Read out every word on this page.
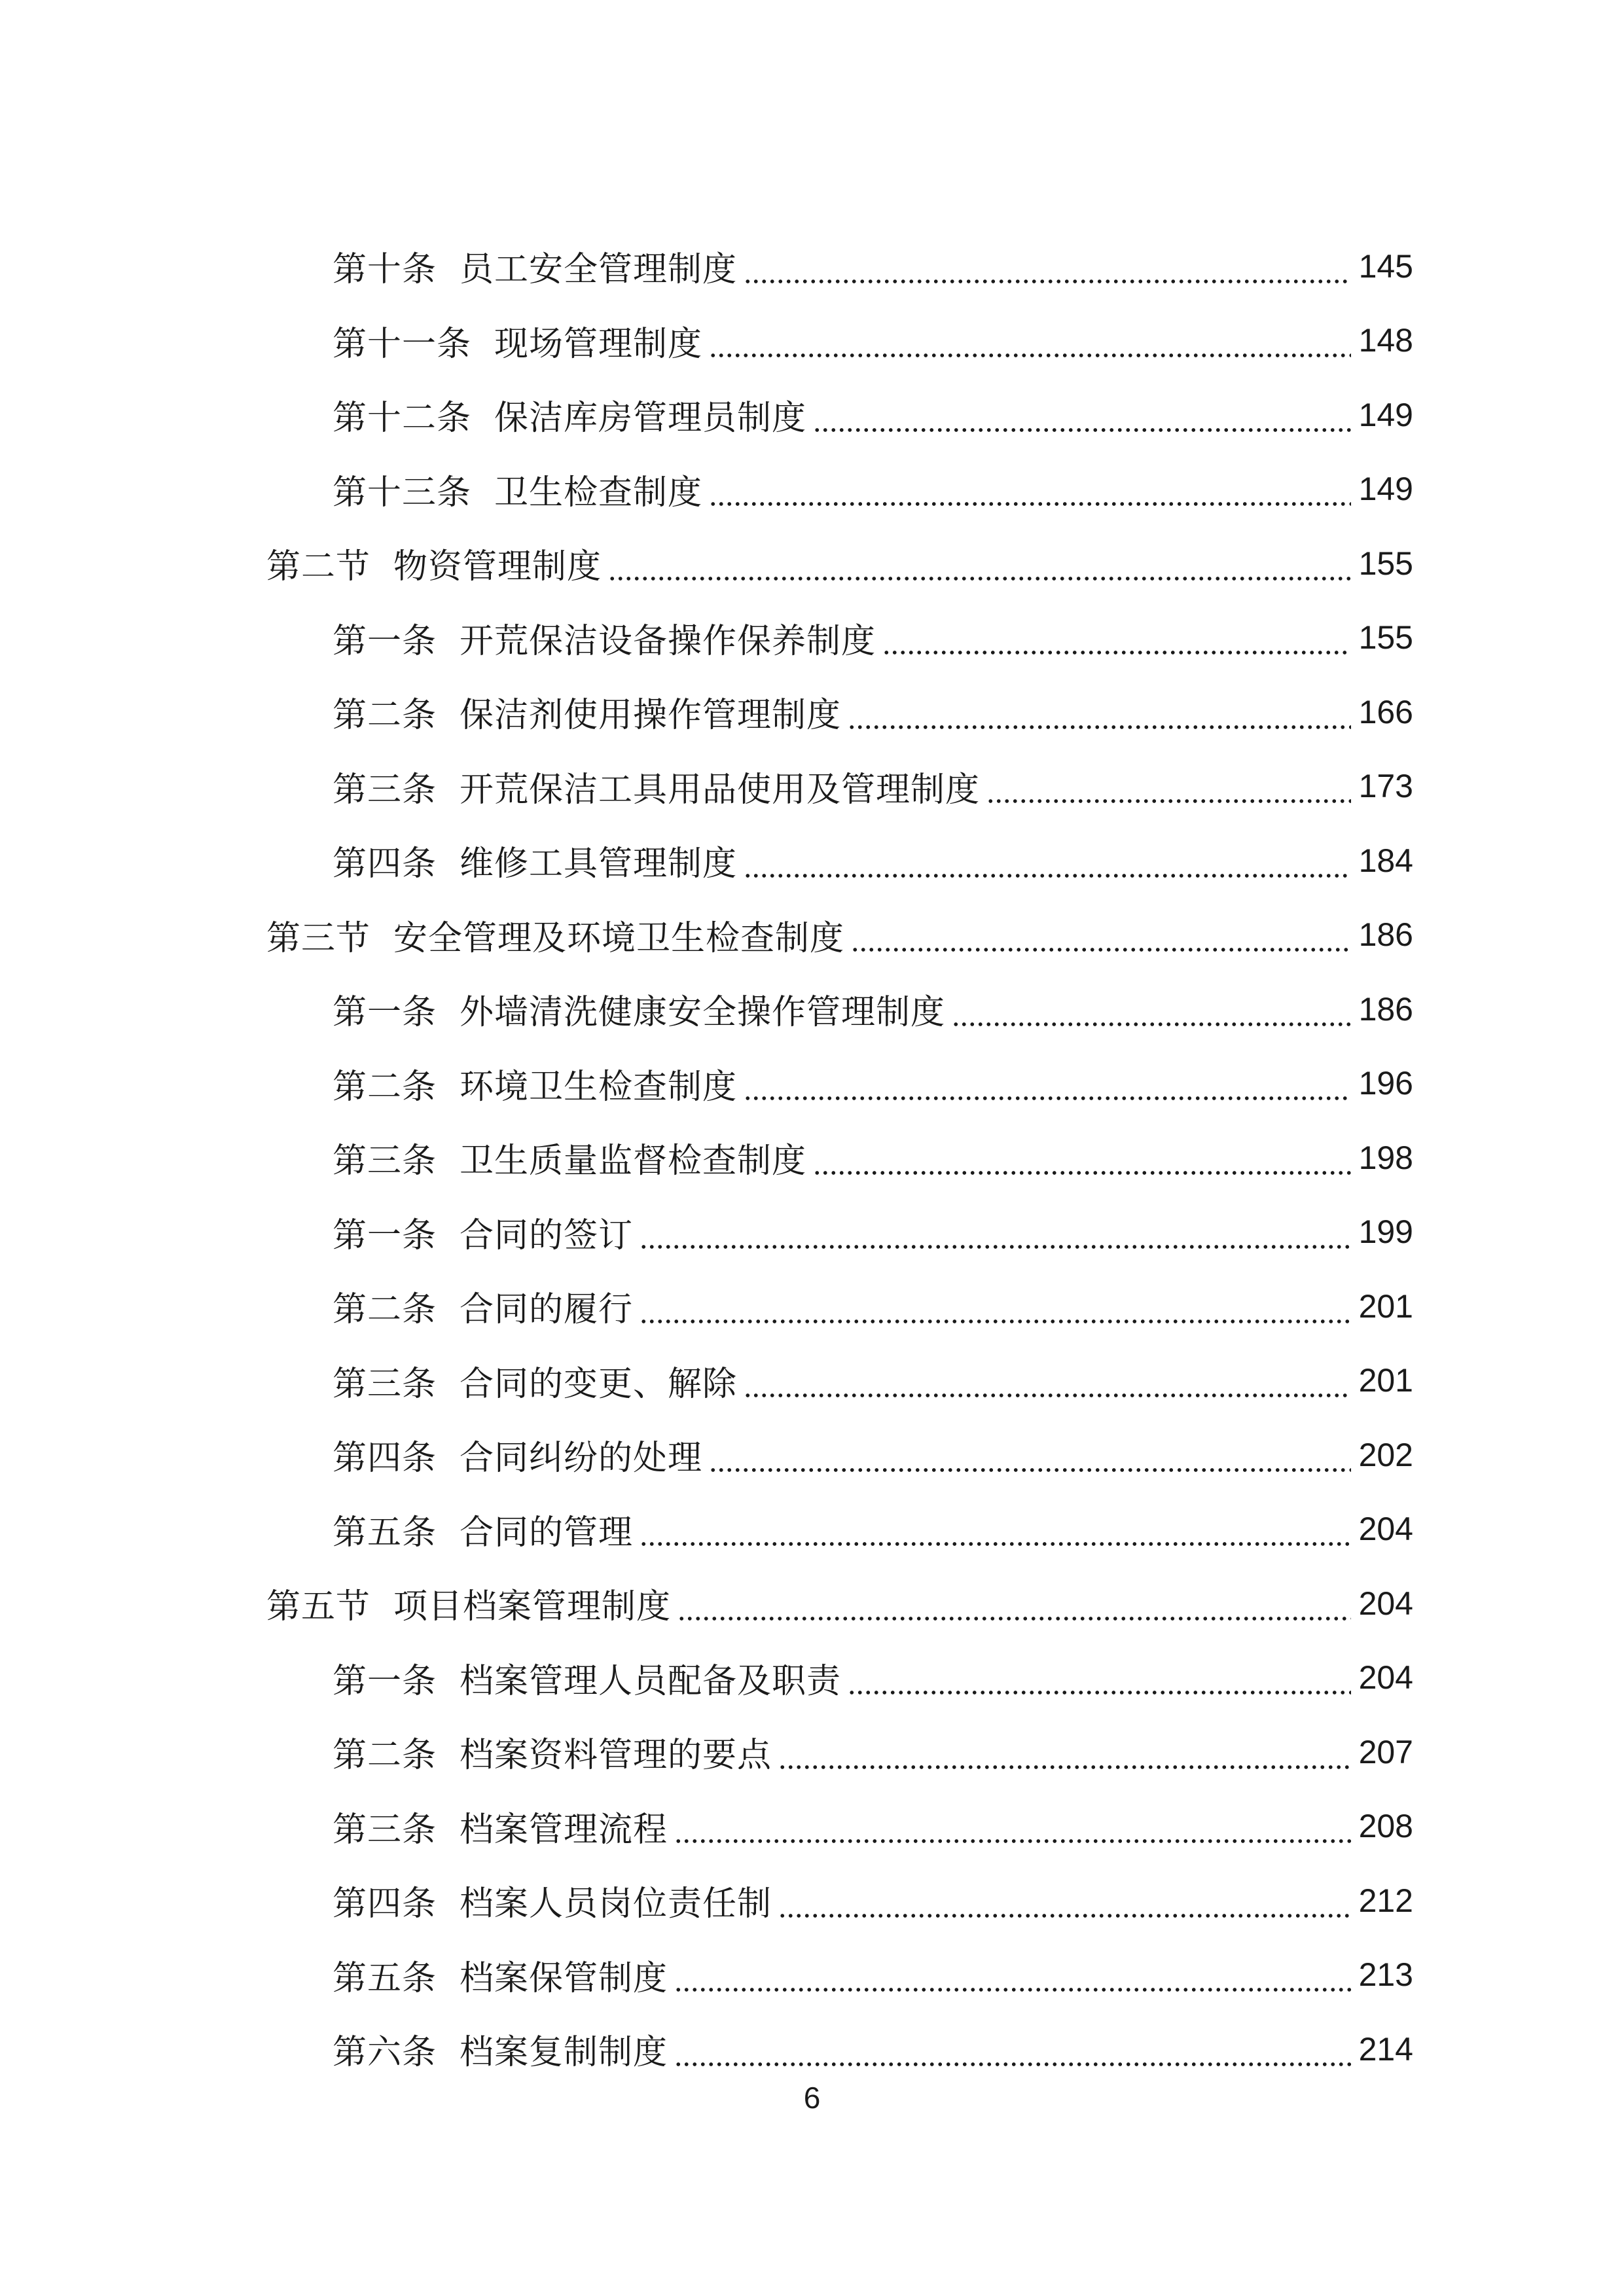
第十条  员工安全管理制度	145
第十一条  现场管理制度	148
第十二条  保洁库房管理员制度	149
第十三条  卫生检查制度	149
第二节  物资管理制度	155
第一条  开荒保洁设备操作保养制度	155
第二条  保洁剂使用操作管理制度	166
第三条  开荒保洁工具用品使用及管理制度	173
第四条  维修工具管理制度	184
第三节  安全管理及环境卫生检查制度	186
第一条  外墙清洗健康安全操作管理制度	186
第二条  环境卫生检查制度	196
第三条  卫生质量监督检查制度	198
第一条  合同的签订	199
第二条  合同的履行	201
第三条  合同的变更、解除	201
第四条  合同纠纷的处理	202
第五条  合同的管理	204
第五节  项目档案管理制度	204
第一条  档案管理人员配备及职责	204
第二条  档案资料管理的要点	207
第三条  档案管理流程	208
第四条  档案人员岗位责任制	212
第五条  档案保管制度	213
第六条  档案复制制度	214
6
